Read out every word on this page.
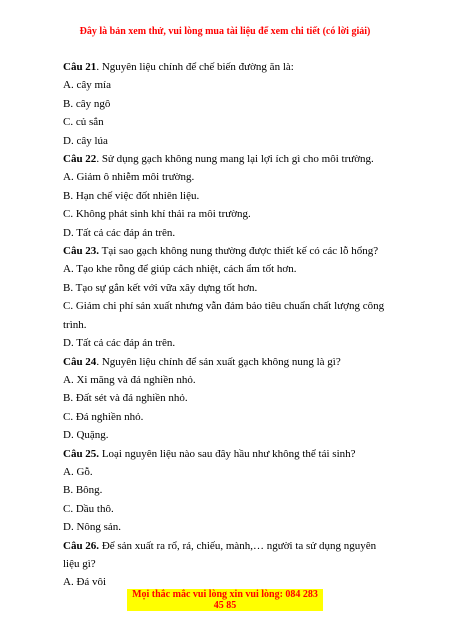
Đây là bản xem thử, vui lòng mua tài liệu để xem chi tiết (có lời giải)
Câu 21. Nguyên liệu chính để chế biến đường ăn là:
A. cây mía
B. cây ngô
C. củ sắn
D. cây lúa
Câu 22. Sử dụng gạch không nung mang lại lợi ích gì cho môi trường.
A. Giảm ô nhiễm môi trường.
B. Hạn chế việc đốt nhiên liệu.
C. Không phát sinh khí thải ra môi trường.
D. Tất cả các đáp án trên.
Câu 23. Tại sao gạch không nung thường được thiết kế có các lỗ hổng?
A. Tạo khe rỗng để giúp cách nhiệt, cách ẩm tốt hơn.
B. Tạo sự gắn kết với vữa xây dựng tốt hơn.
C. Giảm chi phí sản xuất nhưng vẫn đảm bảo tiêu chuẩn chất lượng công trình.
D. Tất cả các đáp án trên.
Câu 24. Nguyên liệu chính để sản xuất gạch không nung là gì?
A. Xi măng và đá nghiền nhỏ.
B. Đất sét và đá nghiền nhỏ.
C. Đá nghiền nhỏ.
D. Quặng.
Câu 25. Loại nguyên liệu nào sau đây hầu như không thể tái sinh?
A. Gỗ.
B. Bông.
C. Dầu thô.
D. Nông sản.
Câu 26. Để sản xuất ra rổ, rá, chiếu, mành,… người ta sử dụng nguyên liệu gì?
A. Đá vôi
Mọi thắc mắc vui lòng xin vui lòng: 084 283 45 85
